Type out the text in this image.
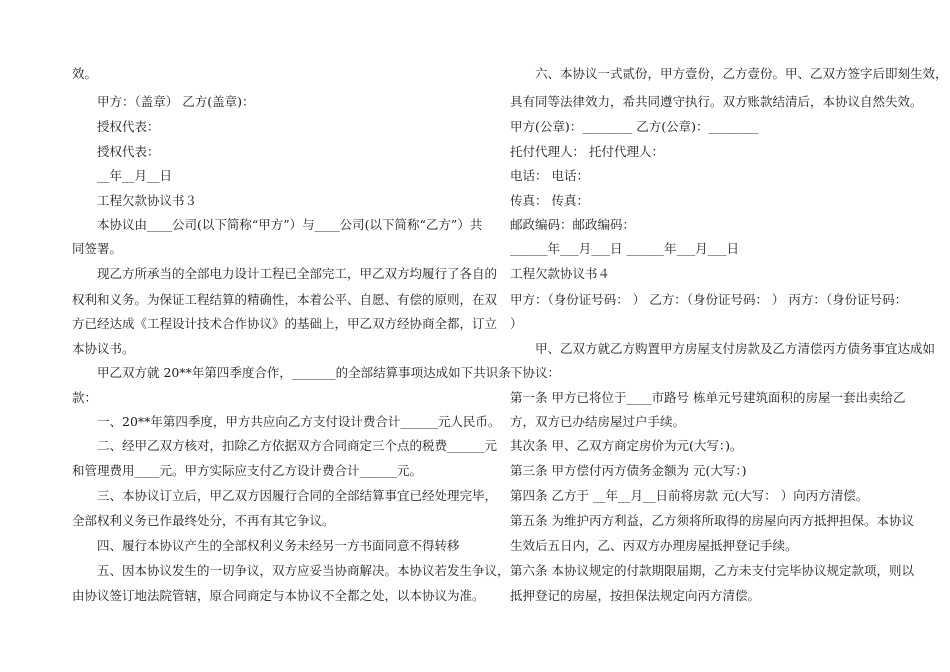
效。
甲方：（盖章） 乙方(盖章)：
授权代表：
授权代表：
__年__月__日
工程欠款协议书３
本协议由____公司(以下简称“甲方”）与____公司(以下简称“乙方”）共
同签署。
现乙方所承当的全部电力设计工程已全部完工，甲乙双方均履行了各自的
权利和义务。为保证工程结算的精确性，本着公平、自愿、有偿的原则，在双
方已经达成《工程设计技术合作协议》的基础上，甲乙双方经协商全都，订立
本协议书。
甲乙双方就 20**年第四季度合作，_______的全部结算事项达成如下共识条
款：
一、20**年第四季度，甲方共应向乙方支付设计费合计______元人民币。
二、经甲乙双方核对，扣除乙方依据双方合同商定三个点的税费______元
和管理费用____元。甲方实际应支付乙方设计费合计______元。
三、本协议订立后，甲乙双方因履行合同的全部结算事宜已经处理完毕，
全部权利义务已作最终处分，不再有其它争议。
四、履行本协议产生的全部权利义务未经另一方书面同意不得转移
五、因本协议发生的一切争议，双方应妥当协商解决。本协议若发生争议，
由协议签订地法院管辖，原合同商定与本协议不全都之处，以本协议为准。
六、本协议一式贰份，甲方壹份，乙方壹份。甲、乙双方签字后即刻生效，
具有同等法律效力，希共同遵守执行。双方账款结清后，本协议自然失效。
甲方(公章)：________ 乙方(公章)：________
托付代理人： 托付代理人：
电话： 电话：
传真： 传真：
邮政编码：邮政编码：
______年___月___日 ______年___月___日
工程欠款协议书４
甲方：（身份证号码： ） 乙方：（身份证号码： ） 丙方：（身份证号码：
）
甲、乙双方就乙方购置甲方房屋支付房款及乙方清偿丙方债务事宜达成如
下协议：
第一条 甲方已将位于____市路号 栋单元号建筑面积的房屋一套出卖给乙
方，双方已办结房屋过户手续。
其次条 甲、乙双方商定房价为元(大写：)。
第三条 甲方偿付丙方债务金额为 元(大写：)
第四条 乙方于 __年__月__日前将房款 元(大写： ）向丙方清偿。
第五条 为维护丙方利益，乙方须将所取得的房屋向丙方抵押担保。本协议
生效后五日内，乙、丙双方办理房屋抵押登记手续。
第六条 本协议规定的付款期限届期，乙方未支付完毕协议规定款项，则以
抵押登记的房屋，按担保法规定向丙方清偿。
